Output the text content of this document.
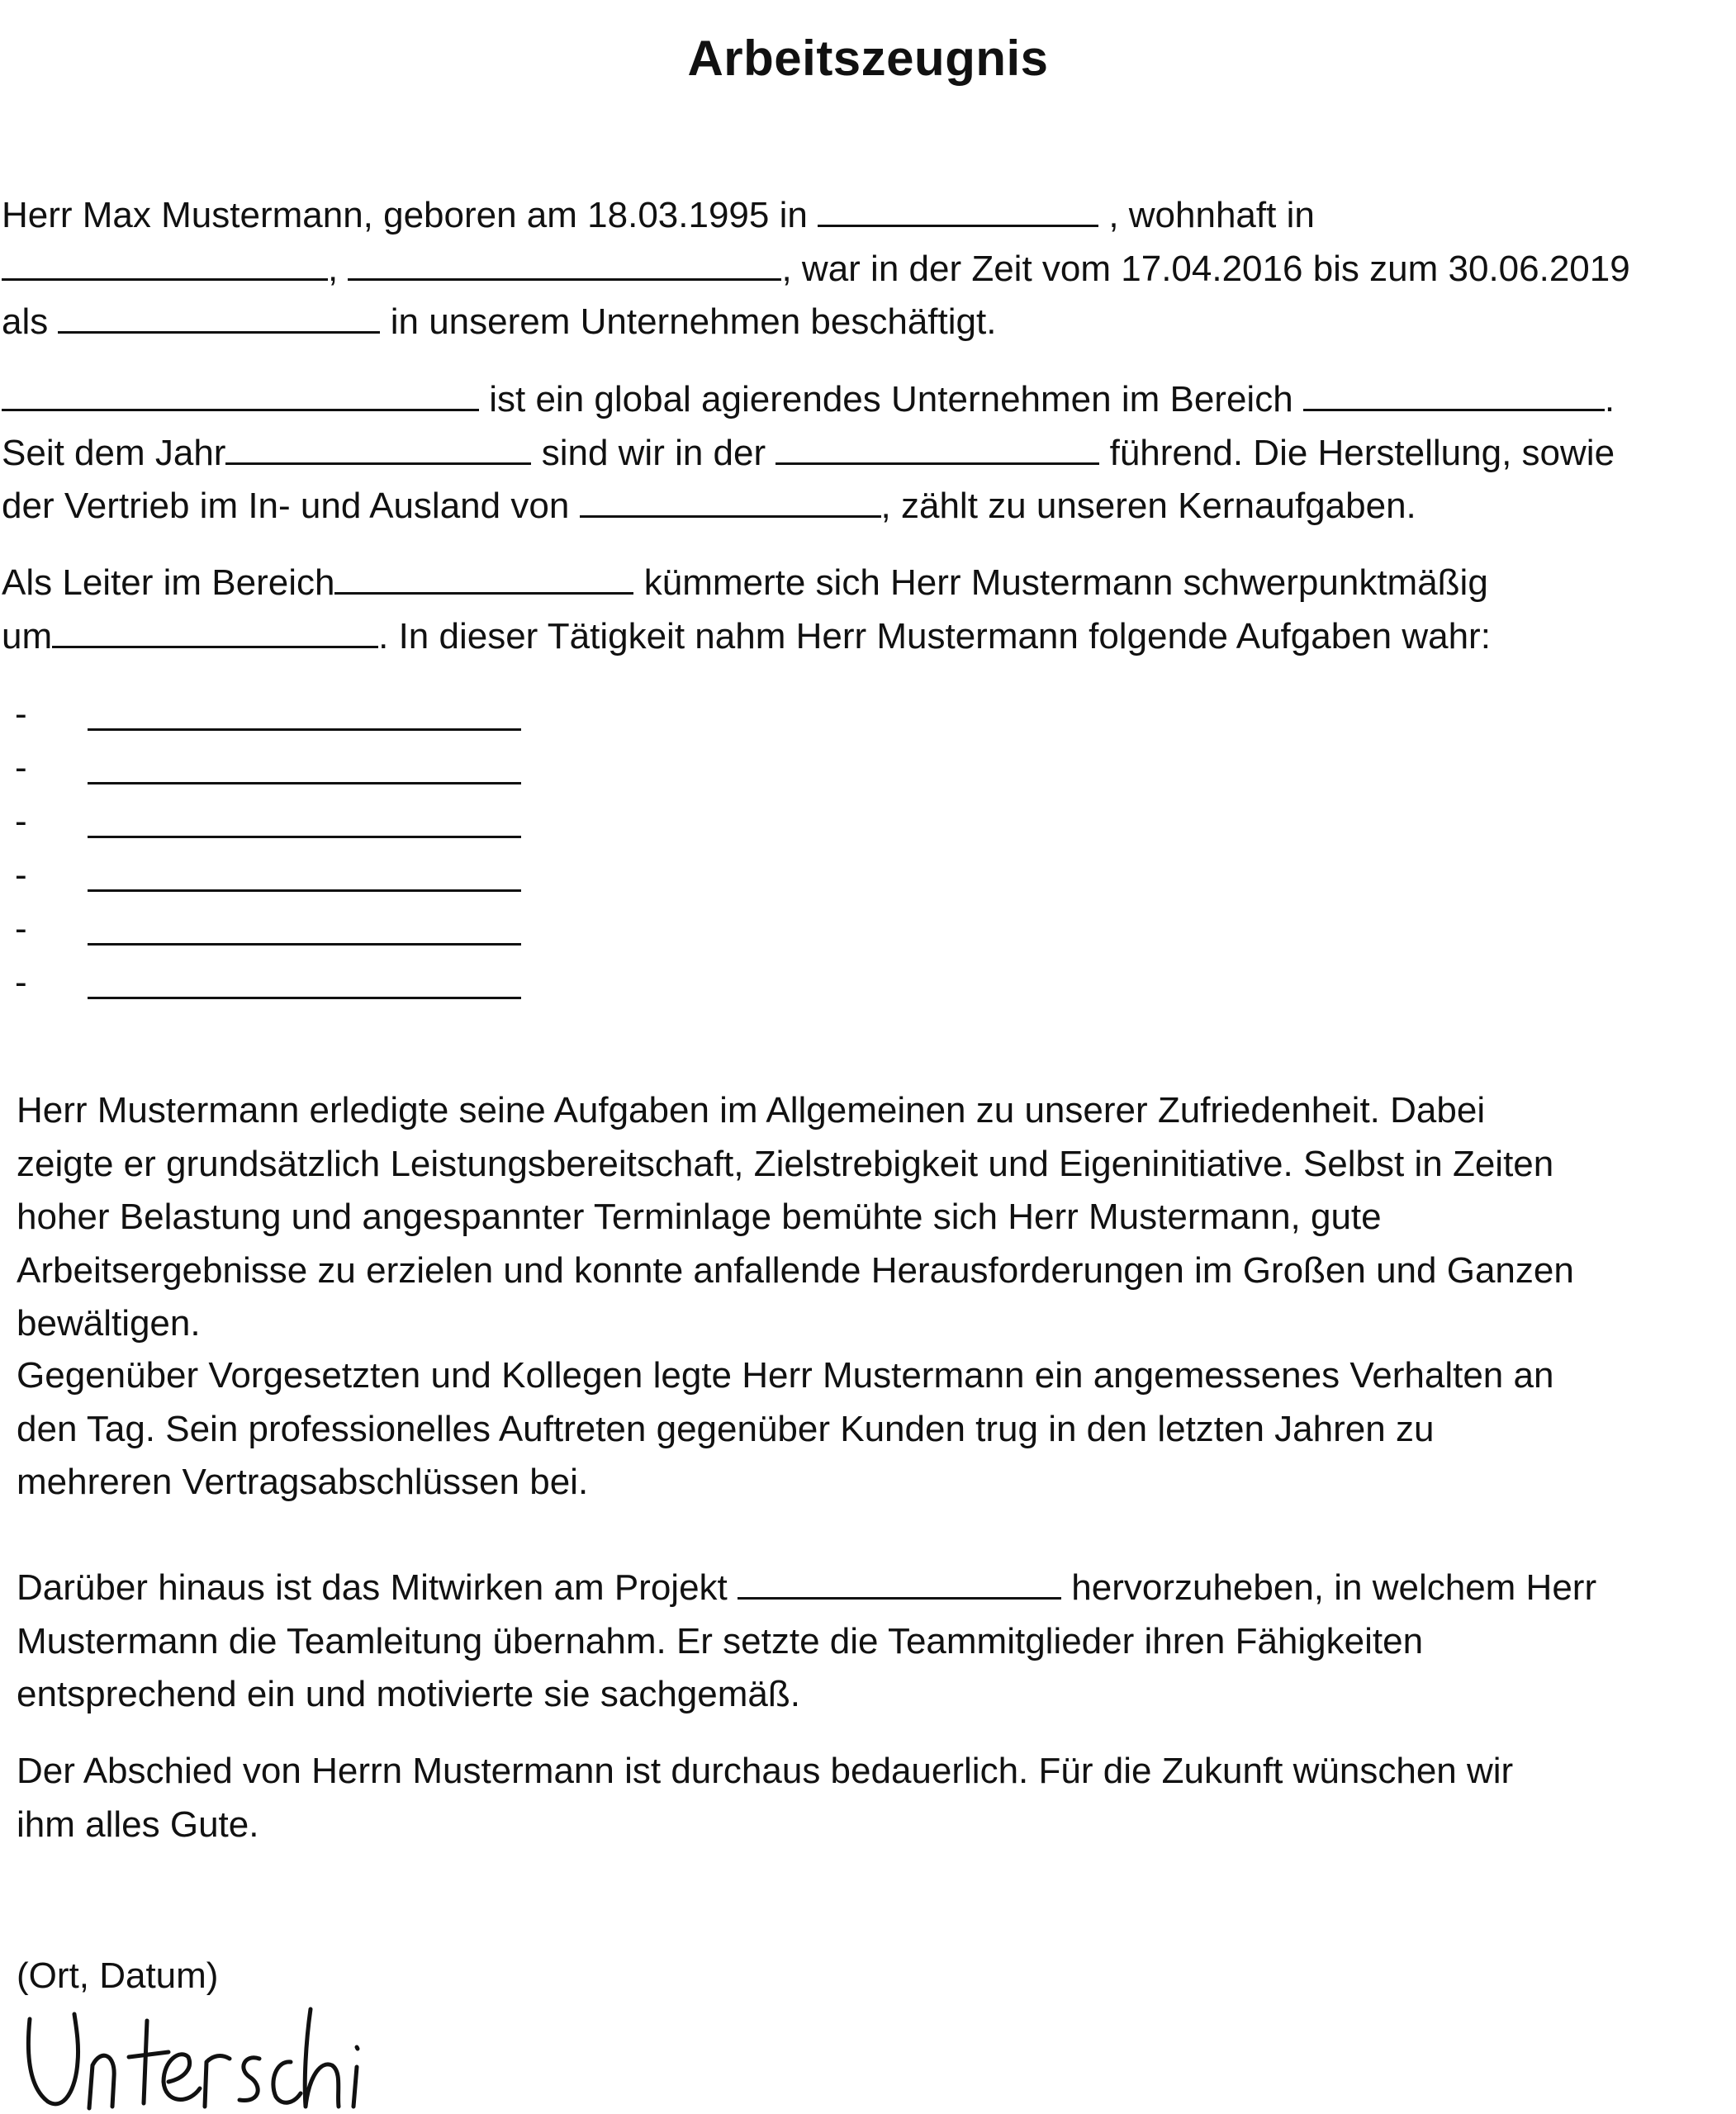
Arbeitszeugnis

Herr Max Mustermann, geboren am 18.03.1995 in	, wohnhaft in
,	, war in der Zeit vom 17.04.2016 bis zum 30.06.2019
als	in unserem Unternehmen beschäftigt.

ist ein global agierendes Unternehmen im Bereich	.
Seit dem Jahr	sind wir in der	führend. Die Herstellung, sowie
der Vertrieb im In- und Ausland von	, zählt zu unseren Kernaufgaben.

Als Leiter im Bereich	kümmerte sich Herr Mustermann schwerpunktmäßig
um	. In dieser Tätigkeit nahm Herr Mustermann folgende Aufgaben wahr:

-
-
-
-
-
-

Herr Mustermann erledigte seine Aufgaben im Allgemeinen zu unserer Zufriedenheit. Dabei
zeigte er grundsätzlich Leistungsbereitschaft, Zielstrebigkeit und Eigeninitiative. Selbst in Zeiten
hoher Belastung und angespannter Terminlage bemühte sich Herr Mustermann, gute
Arbeitsergebnisse zu erzielen und konnte anfallende Herausforderungen im Großen und Ganzen
bewältigen.

Gegenüber Vorgesetzten und Kollegen legte Herr Mustermann ein angemessenes Verhalten an
den Tag. Sein professionelles Auftreten gegenüber Kunden trug in den letzten Jahren zu
mehreren Vertragsabschlüssen bei.

Darüber hinaus ist das Mitwirken am Projekt	hervorzuheben, in welchem Herr
Mustermann die Teamleitung übernahm. Er setzte die Teammitglieder ihren Fähigkeiten
entsprechend ein und motivierte sie sachgemäß.

Der Abschied von Herrn Mustermann ist durchaus bedauerlich. Für die Zukunft wünschen wir
ihm alles Gute.

(Ort, Datum)
